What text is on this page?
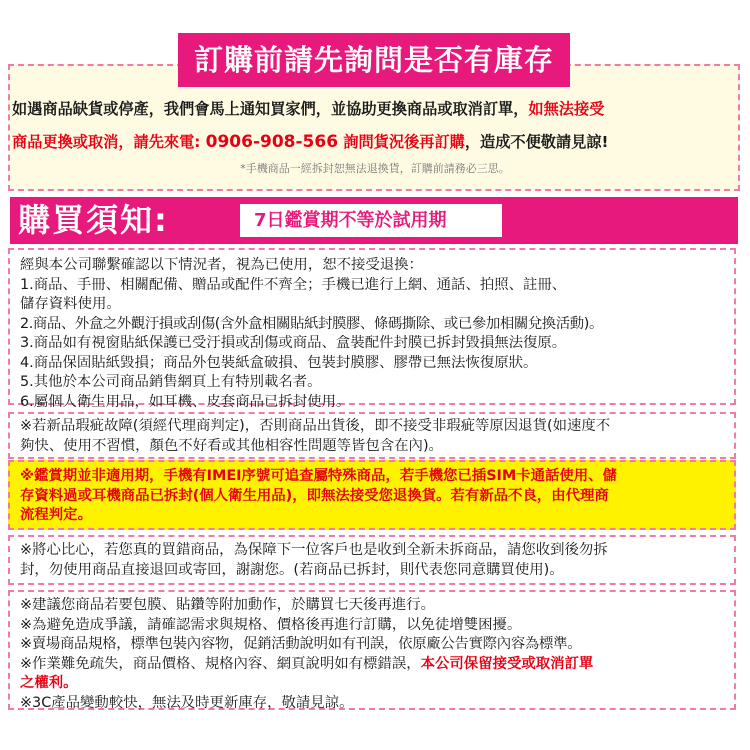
訂購前請先詢問是否有庫存
如遇商品缺貨或停產，我們會馬上通知買家們，並協助更換商品或取消訂單，如無法接受
商品更換或取消，請先來電: 0906-908-566 詢問貨況後再訂購，造成不便敬請見諒!
*手機商品一經拆封恕無法退換貨，訂購前請務必三思。
購買須知:	7日鑑賞期不等於試用期

經與本公司聯繫確認以下情況者，視為已使用，恕不接受退換：

1.商品、手冊、相關配備、贈品或配件不齊全；手機已進行上網、通話、拍照、註冊、

儲存資料使用。

2.商品、外盒之外觀汙損或刮傷(含外盒相關貼紙封膜膠、條碼撕除、或已參加相關兌換活動)。

3.商品如有視窗貼紙保護已受汙損或刮傷或商品、盒裝配件封膜已拆封毀損無法復原。

4.商品保固貼紙毀損；商品外包裝紙盒破損、包裝封膜膠、膠帶已無法恢復原狀。

5.其他於本公司商品銷售網頁上有特別載名者。

6.屬個人衛生用品，如耳機、皮套商品已拆封使用。

※若新品瑕疵故障(須經代理商判定)，否則商品出貨後，即不接受非瑕疵等原因退貨(如速度不

夠快、使用不習慣，顏色不好看或其他相容性問題等皆包含在內)。

※鑑賞期並非適用期，手機有IMEI序號可追查屬特殊商品，若手機您已插SIM卡通話使用、儲

存資料過或耳機商品已拆封(個人衛生用品)，即無法接受您退換貨。若有新品不良，由代理商

流程判定。

※將心比心，若您真的買錯商品，為保障下一位客戶也是收到全新未拆商品，請您收到後勿拆

封，勿使用商品直接退回或寄回，謝謝您。(若商品已拆封，則代表您同意購買使用)。

※建議您商品若要包膜、貼鑽等附加動作，於購買七天後再進行。

※為避免造成爭議，請確認需求與規格、價格後再進行訂購，以免徒增雙困擾。

※賣場商品規格，標準包裝內容物，促銷活動說明如有刊誤，依原廠公告實際內容為標準。

※作業難免疏失，商品價格、規格內容、網頁說明如有標錯誤，本公司保留接受或取消訂單

之權利。

※3C產品變動較快，無法及時更新庫存，敬請見諒。
